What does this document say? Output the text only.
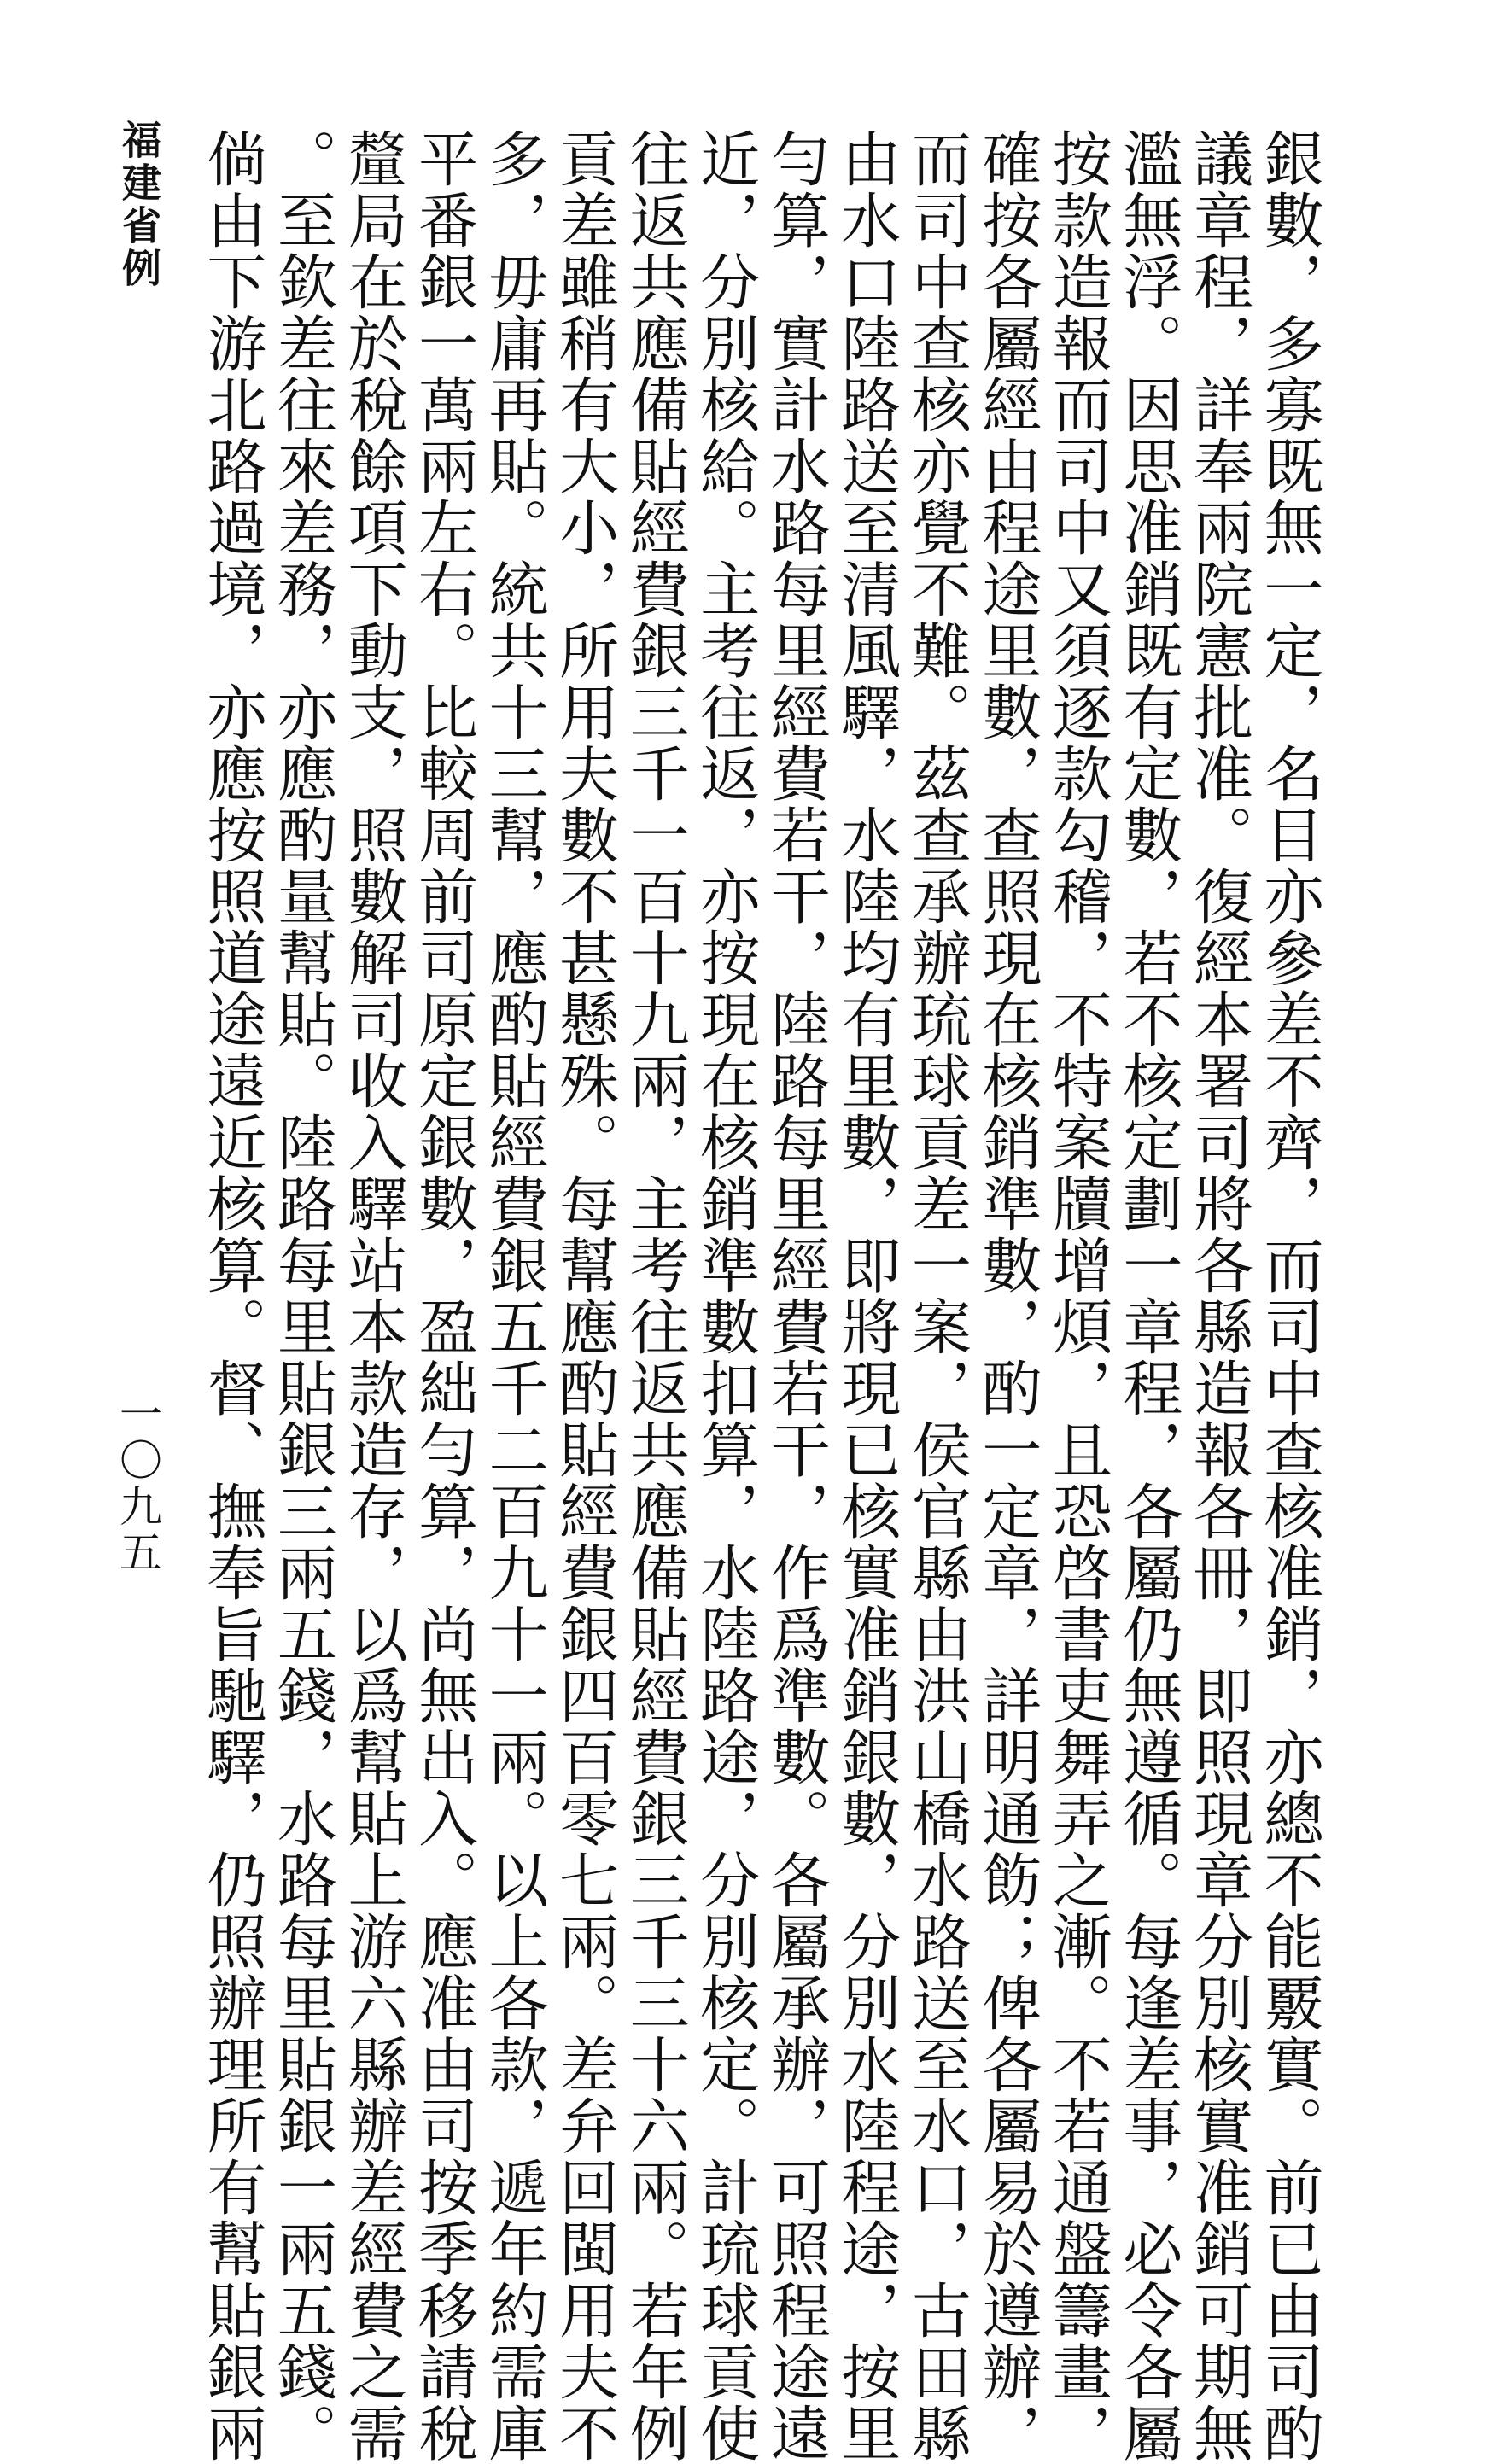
銀數，多寡既無一定，名目亦參差不齊，而司中查核准銷，亦總不能覈實。前已由司酌
議章程，詳奉兩院憲批准。復經本署司將各縣造報各冊，即照現章分別核實准銷可期無
濫無浮。因思准銷既有定數，若不核定劃一章程，各屬仍無遵循。每逢差事，必令各屬
按款造報而司中又須逐款勾稽，不特案牘增煩，且恐啓書吏舞弄之漸。不若通盤籌畫，
確按各屬經由程途里數，查照現在核銷準數，酌一定章，詳明通飭；俾各屬易於遵辦，
而司中查核亦覺不難。茲查承辦琉球貢差一案，侯官縣由洪山橋水路送至水口，古田縣
由水口陸路送至清風驛，水陸均有里數，即將現已核實准銷銀數，分別水陸程途，按里
勻算，實計水路每里經費若干，陸路每里經費若干，作爲準數。各屬承辦，可照程途遠
近，分別核給。主考往返，亦按現在核銷準數扣算，水陸路途，分別核定。計琉球貢使
往返共應備貼經費銀三千一百十九兩，主考往返共應備貼經費銀三千三十六兩。若年例
貢差雖稍有大小，所用夫數不甚懸殊。每幫應酌貼經費銀四百零七兩。差弁回閩用夫不
多，毋庸再貼。統共十三幫，應酌貼經費銀五千二百九十一兩。以上各款，遞年約需庫
平番銀一萬兩左右。比較周前司原定銀數，盈絀勻算，尚無出入。應准由司按季移請稅
釐局在於稅餘項下動支，照數解司收入驛站本款造存，以爲幫貼上游六縣辦差經費之需
。至欽差往來差務，亦應酌量幫貼。陸路每里貼銀三兩五錢，水路每里貼銀一兩五錢。
倘由下游北路過境，亦應按照道途遠近核算。督、撫奉旨馳驛，仍照辦理所有幫貼銀兩
福建省例
一〇九五
